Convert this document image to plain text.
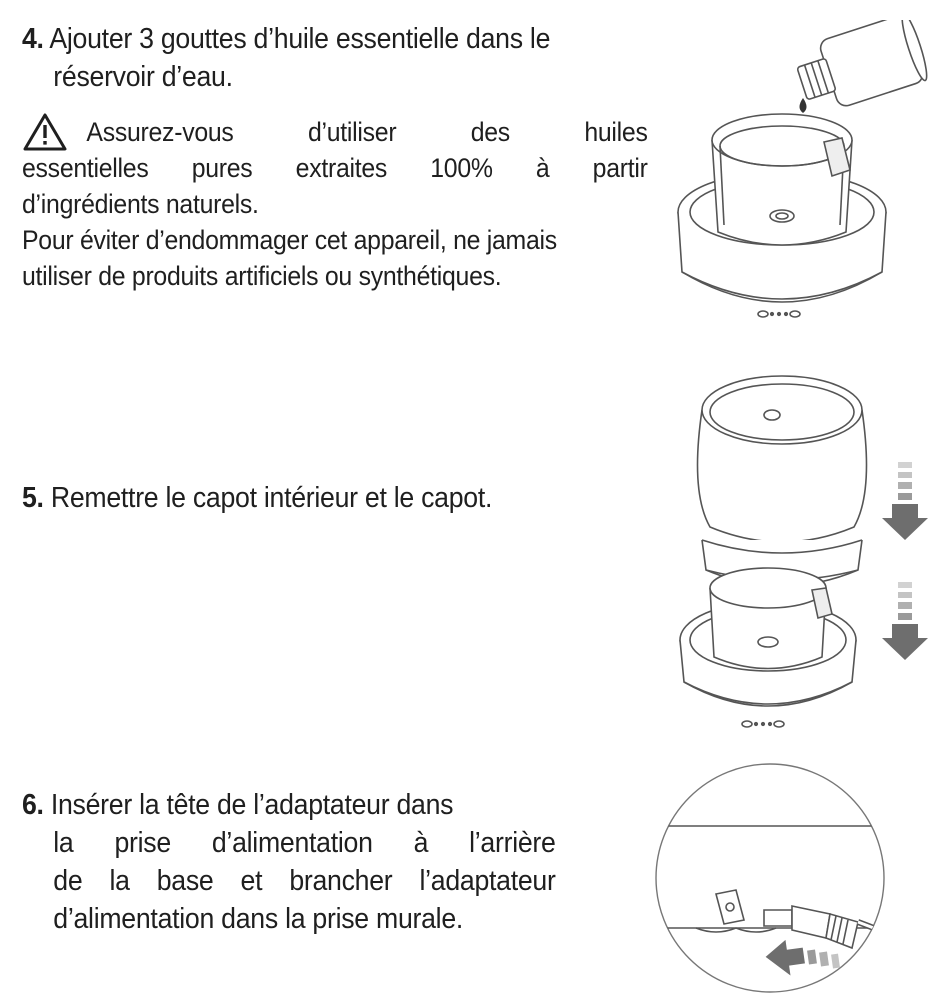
4. Ajouter 3 gouttes d’huile essentielle dans le
réservoir d’eau.
Assurez-vous d’utiliser des huiles
essentielles pures extraites 100% à partir
d’ingrédients naturels.
Pour éviter d’endommager cet appareil, ne jamais
utiliser de produits artificiels ou synthétiques.
5. Remettre le capot intérieur et le capot.
6. Insérer la tête de l’adaptateur dans
la prise d’alimentation à l’arrière
de la base et brancher l’adaptateur
d’alimentation dans la prise murale.
